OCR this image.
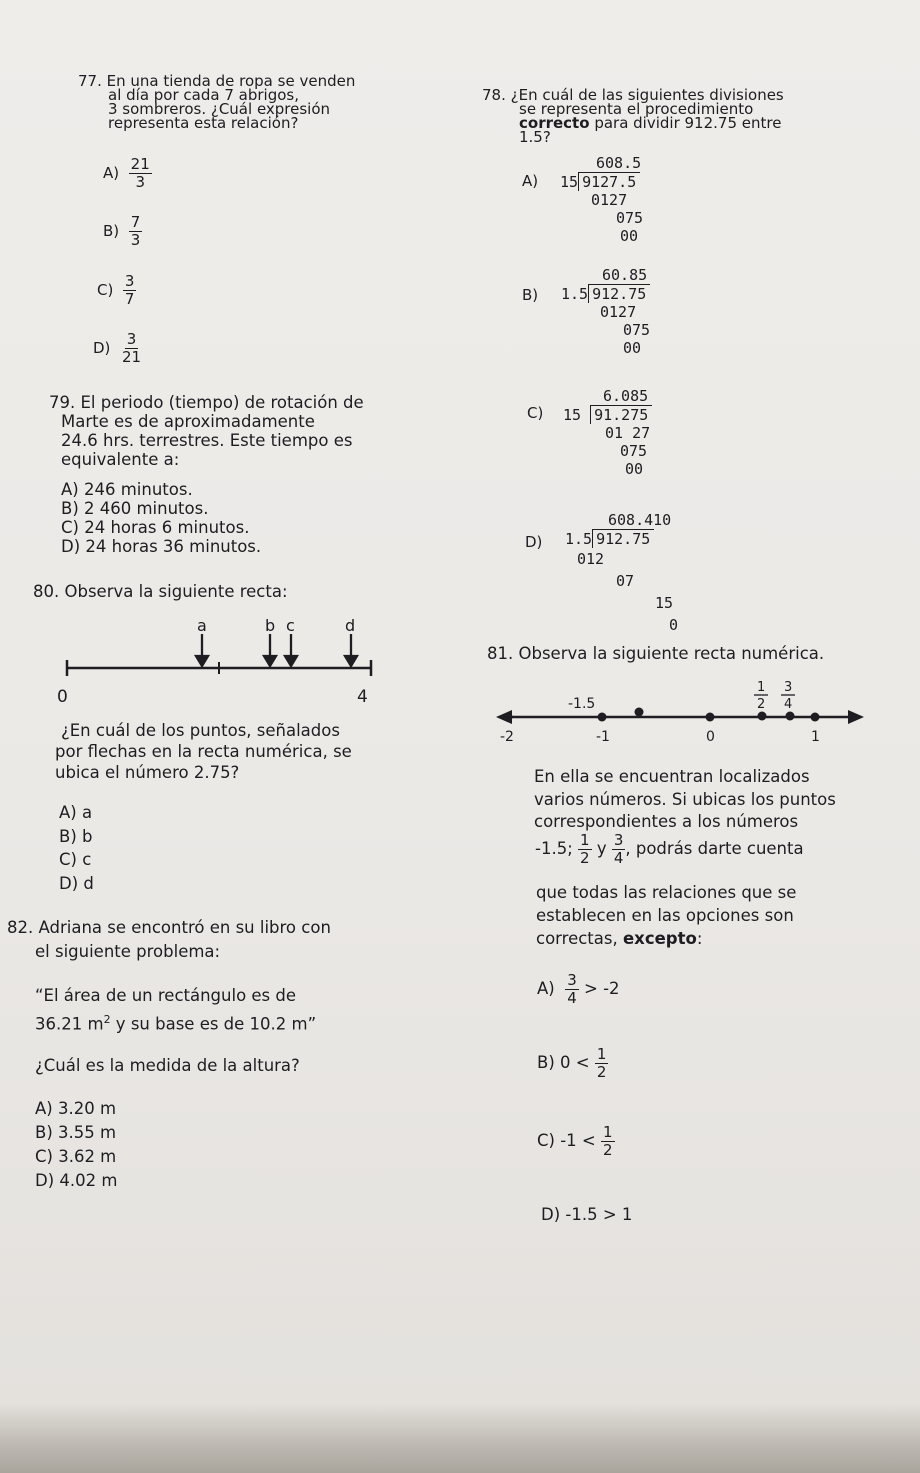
77. En una tienda de ropa se venden
al día por cada 7 abrigos,
3 sombreros. ¿Cuál expresión
representa esta relación?
$A) \frac{21}{3}$
$B) \frac{7}{3}$
$C) \frac{3}{7}$
$D) \frac{3}{21}$
78. ¿En cuál de las siguientes divisiones
se representa el procedimiento
correcto para dividir 912.75 entre
1.5?
A)
608.5
15 9127.5
0127
075
00
B)
60.85
1.5 912.75
0127
075
00
C)
6.085
15 91.275
01 27
075
00
D)
608.410
1.5 912.75
012
07
15
0
79. El periodo (tiempo) de rotación de
Marte es de aproximadamente
24.6 hrs. terrestres. Este tiempo es
equivalente a:
A) 246 minutos.
B) 2 460 minutos.
C) 24 horas 6 minutos.
D) 24 horas 36 minutos.
80. Observa la siguiente recta:
a	b c	d
0	4
¿En cuál de los puntos, señalados
por flechas en la recta numérica, se
ubica el número 2.75?
A) a
B) b
C) c
D) d
81. Observa la siguiente recta numérica.
-1.5
1
2
3
4
-2	-1	0	1
En ella se encuentran localizados
varios números. Si ubicas los puntos
correspondientes a los números
-1.5; $\frac{1}{2}$ y $\frac{3}{4}$ , podrás darte cuenta
que todas las relaciones que se
establecen en las opciones son
correctas, excepto:
$A) \frac{3}{4} > -2$
B) $0 < \frac{1}{2}$
C) $-1 < \frac{1}{2}$
D) -1.5 > 1
82. Adriana se encontró en su libro con
el siguiente problema:
“El área de un rectángulo es de
36.21 $m^2$ y su base es de 10.2 m”
¿Cuál es la medida de la altura?
A) 3.20 m
B) 3.55 m
C) 3.62 m
D) 4.02 m
